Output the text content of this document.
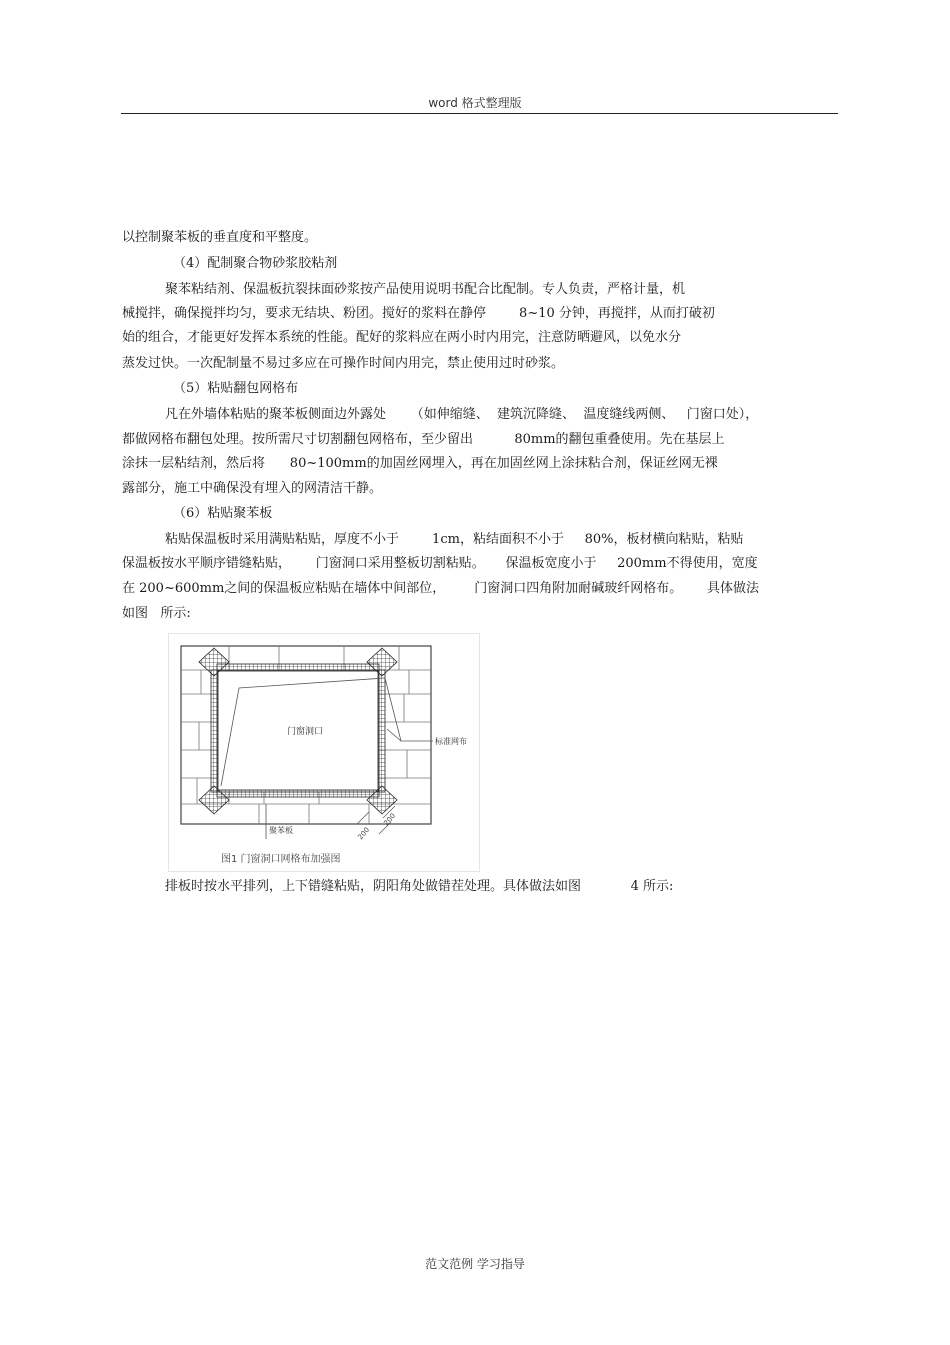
word 格式整理版
以控制聚苯板的垂直度和平整度。
（4）配制聚合物砂浆胶粘剂
聚苯粘结剂、保温板抗裂抹面砂浆按产品使用说明书配合比配制。专人负责，严格计量，机
械搅拌，确保搅拌均匀，要求无结块、粉团。搅好的浆料在静停        8~10 分钟，再搅拌，从而打破初
始的组合，才能更好发挥本系统的性能。配好的浆料应在两小时内用完，注意防晒避风，以免水分
蒸发过快。一次配制量不易过多应在可操作时间内用完，禁止使用过时砂浆。
（5）粘贴翻包网格布
凡在外墙体粘贴的聚苯板侧面边外露处      （如伸缩缝、  建筑沉降缝、  温度缝线两侧、   门窗口处），
都做网格布翻包处理。按所需尺寸切割翻包网格布，至少留出          80mm的翻包重叠使用。先在基层上
涂抹一层粘结剂，然后将      80~100mm的加固丝网埋入，再在加固丝网上涂抹粘合剂，保证丝网无裸
露部分，施工中确保没有埋入的网清洁干静。
（6）粘贴聚苯板
粘贴保温板时采用满贴粘贴，厚度不小于        1cm，粘结面积不小于     80%，板材横向粘贴，粘贴
保温板按水平顺序错缝粘贴，      门窗洞口采用整板切割粘贴。     保温板宽度小于     200mm不得使用，宽度
在 200~600mm之间的保温板应粘贴在墙体中间部位，       门窗洞口四角附加耐碱玻纤网格布。      具体做法
如图   所示:
门窗洞口
标准网布
聚苯板	200
200
图1 门窗洞口网格布加强图
排板时按水平排列，上下错缝粘贴，阴阳角处做错茬处理。具体做法如图            4 所示:
范文范例 学习指导
